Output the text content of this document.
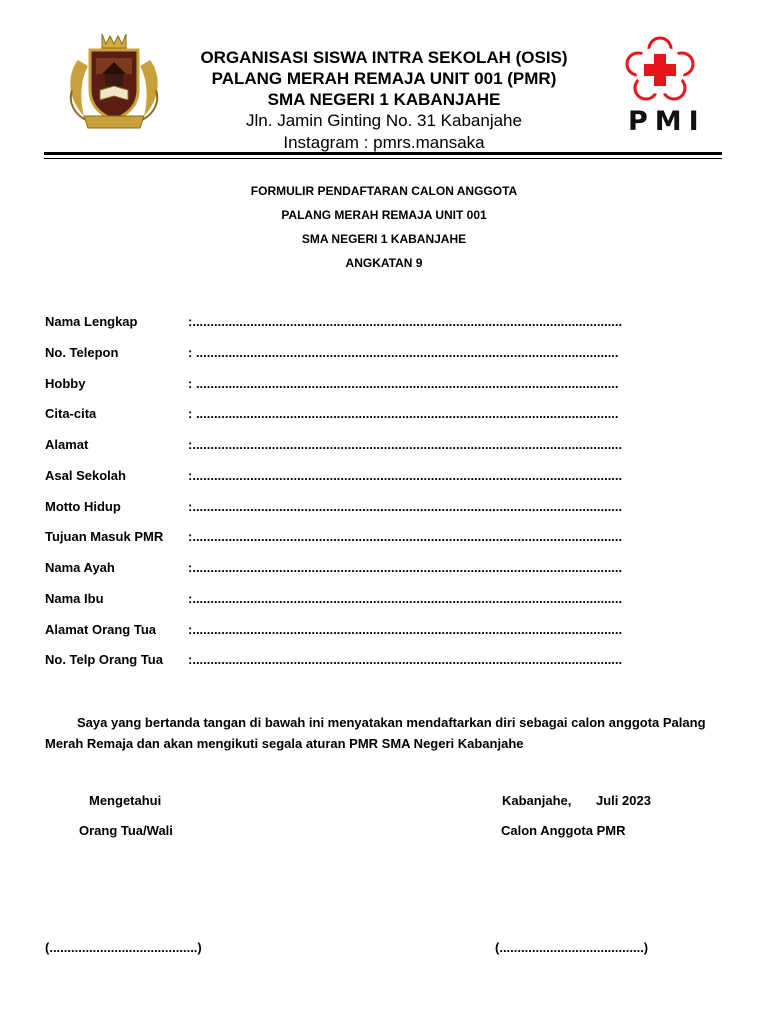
PMI
ORGANISASI SISWA INTRA SEKOLAH (OSIS)
PALANG MERAH REMAJA UNIT 001 (PMR)
SMA NEGERI 1 KABANJAHE
Jln. Jamin Ginting No. 31 Kabanjahe
Instagram : pmrs.mansaka
FORMULIR PENDAFTARAN CALON ANGGOTA
PALANG MERAH REMAJA UNIT 001
SMA NEGERI 1 KABANJAHE
ANGKATAN 9
Nama Lengkap	:.......................................................................................................................
No. Telepon	: .....................................................................................................................
Hobby	: .....................................................................................................................
Cita-cita	: .....................................................................................................................
Alamat	:.......................................................................................................................
Asal Sekolah	:.......................................................................................................................
Motto Hidup	:.......................................................................................................................
Tujuan Masuk PMR :.......................................................................................................................
Nama Ayah	:.......................................................................................................................
Nama Ibu	:.......................................................................................................................
Alamat Orang Tua :.......................................................................................................................
No. Telp Orang Tua :.......................................................................................................................
Saya yang bertanda tangan di bawah ini menyatakan mendaftarkan diri sebagai calon anggota Palang Merah Remaja dan akan mengikuti segala aturan PMR SMA Negeri Kabanjahe
Mengetahui
Orang Tua/Wali
Kabanjahe, Juli 2023
Calon Anggota PMR
(.........................................)	(........................................)
